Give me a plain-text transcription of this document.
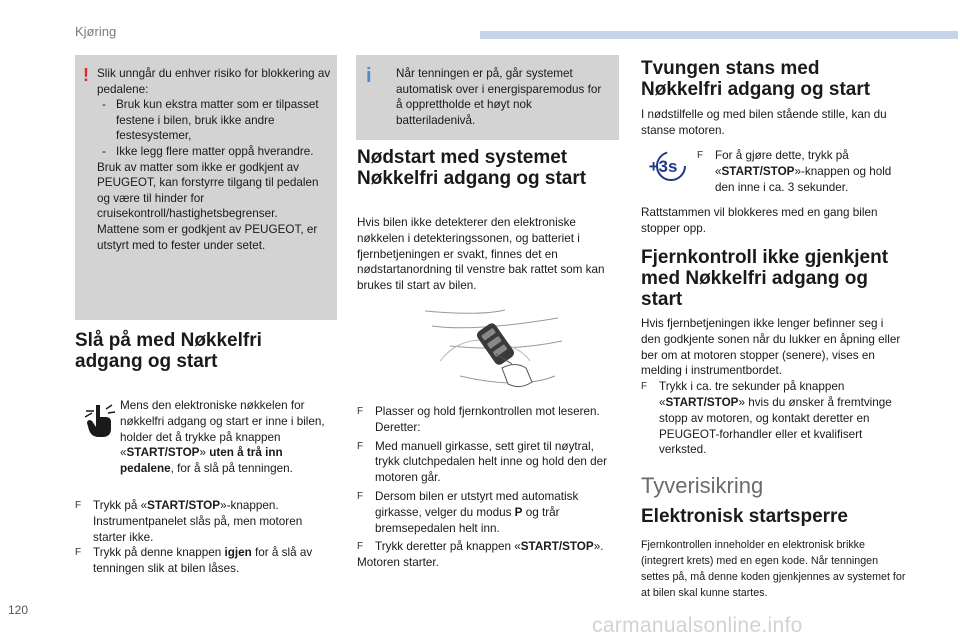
Kjøring
! Slik unngår du enhver risiko for blokkering av pedalene:

- Bruk kun ekstra matter som er tilpasset festene i bilen, bruk ikke andre festesystemer,

- Ikke legg flere matter oppå hverandre.

Bruk av matter som ikke er godkjent av PEUGEOT, kan forstyrre tilgang til pedalen og være til hinder for cruisekontroll/hastighetsbegrenser.

Mattene som er godkjent av PEUGEOT, er utstyrt med to fester under setet.

Slå på med Nøkkelfri adgang og start
Mens den elektroniske nøkkelen for nøkkelfri adgang og start er inne i bilen, holder det å trykke på knappen «START/STOP» uten å trå inn pedalene, for å slå på tenningen.

F Trykk på «START/STOP»-knappen. Instrumentpanelet slås på, men motoren starter ikke.

F Trykk på denne knappen igjen for å slå av tenningen slik at bilen låses.

i Når tenningen er på, går systemet automatisk over i energisparemodus for å opprettholde et høyt nok batteriladenivå.
Nødstart med systemet Nøkkelfri adgang og start
Hvis bilen ikke detekterer den elektroniske nøkkelen i detekteringssonen, og batteriet i fjernbetjeningen er svakt, finnes det en nødstartanordning til venstre bak rattet som kan brukes til start av bilen.

F Plasser og hold fjernkontrollen mot leseren. Deretter:

F Med manuell girkasse, sett giret til nøytral, trykk clutchpedalen helt inne og hold den der motoren går.

F Dersom bilen er utstyrt med automatisk girkasse, velger du modus P og trår bremsepedalen helt inn.

F Trykk deretter på knappen «START/STOP».

Motoren starter.

Tvungen stans med Nøkkelfri adgang og start
I nødstilfelle og med bilen stående stille, kan du stanse motoren.
+3s

F For å gjøre dette, trykk på «START/STOP»-knappen og hold den inne i ca. 3 sekunder.

Rattstammen vil blokkeres med en gang bilen stopper opp.
Fjernkontroll ikke gjenkjent med Nøkkelfri adgang og start

Hvis fjernbetjeningen ikke lenger befinner seg i den godkjente sonen når du lukker en åpning eller ber om at motoren stopper (senere), vises en melding i instrumentbordet.

F Trykk i ca. tre sekunder på knappen «START/STOP» hvis du ønsker å fremtvinge stopp av motoren, og kontakt deretter en PEUGEOT-forhandler eller et kvalifisert verksted.

Tyverisikring
Elektronisk startsperre
Fjernkontrollen inneholder en elektronisk brikke (integrert krets) med en egen kode. Når tenningen settes på, må denne koden gjenkjennes av systemet for at bilen skal kunne startes.
120
carmanualsonline.info
